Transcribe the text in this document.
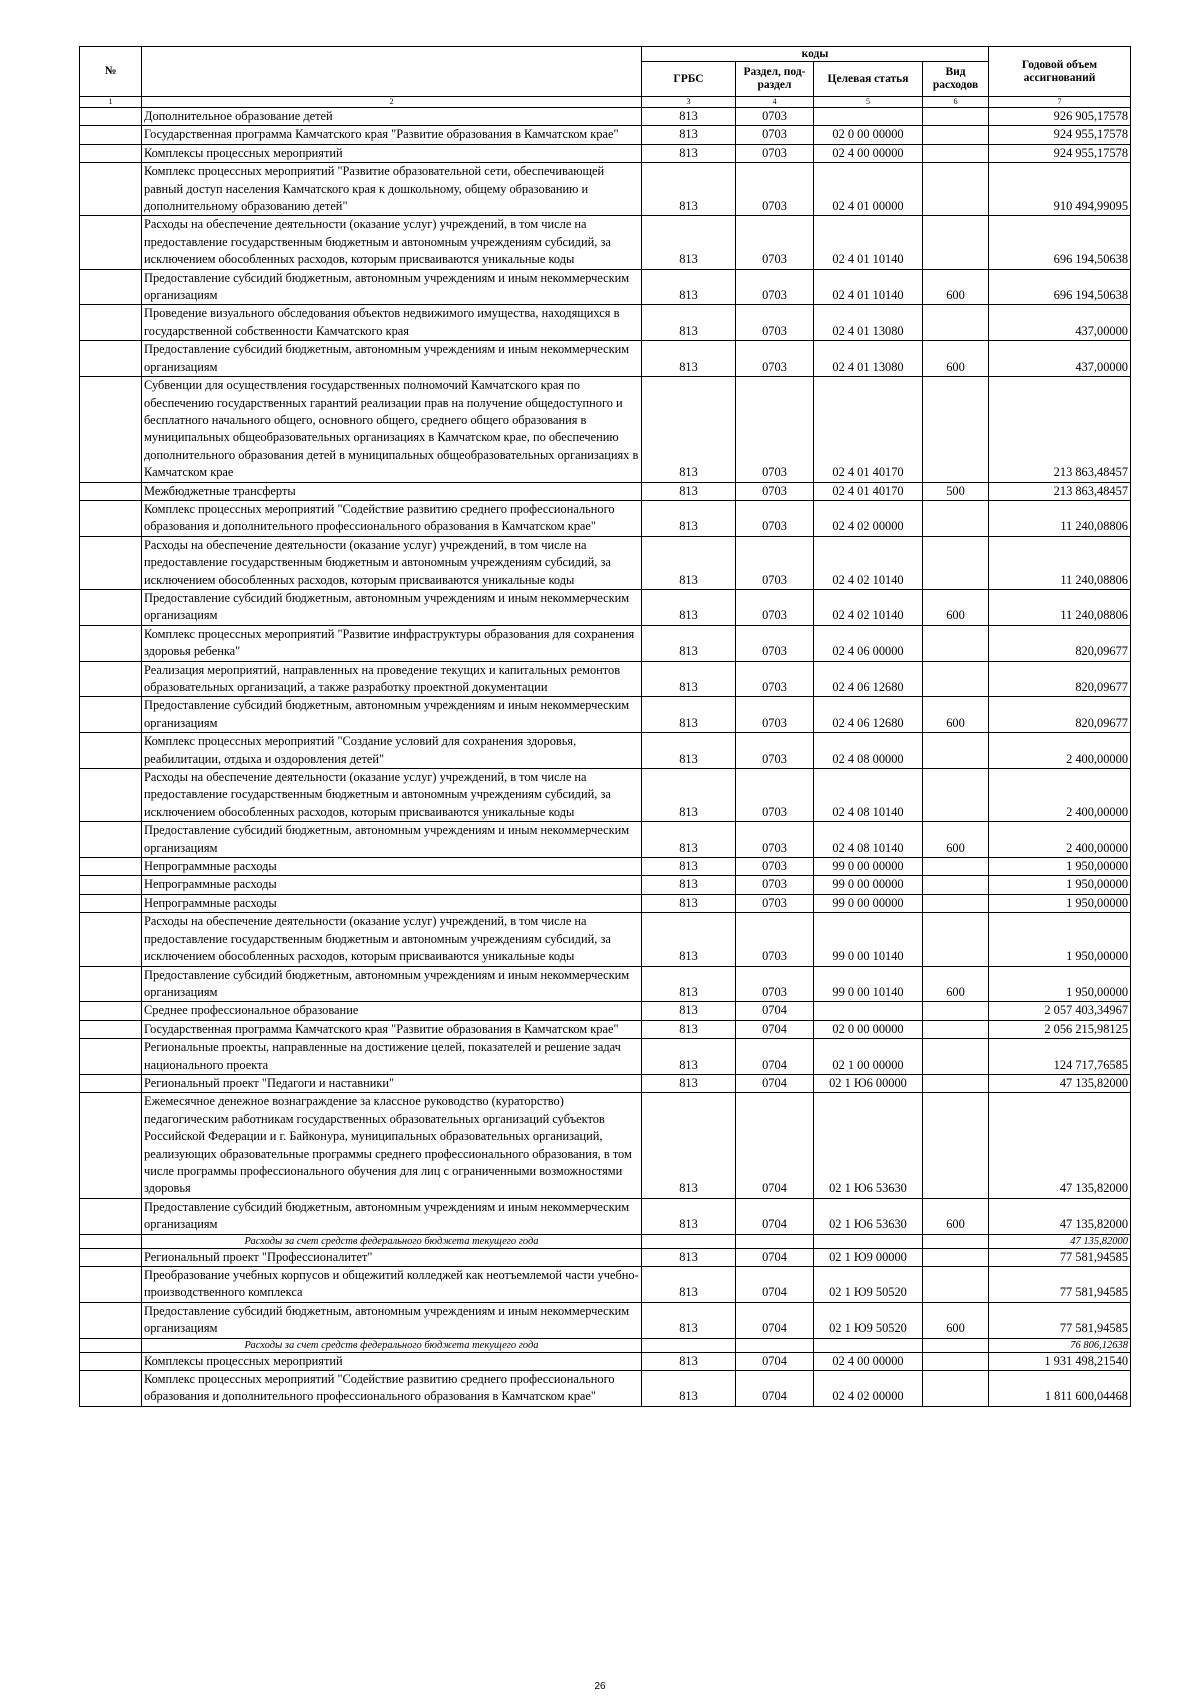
№		коды				Годовой объем ассигнований
		ГРБС	Раздел, под-раздел	Целевая статья	Вид расходов	
1	2	3	4	5	6	7
	Дополнительное образование детей	813	0703			926 905,17578
	Государственная программа Камчатского края "Развитие образования в Камчатском крае"	813	0703	02 0 00 00000		924 955,17578
	Комплексы процессных мероприятий	813	0703	02 4 00 00000		924 955,17578
	Комплекс процессных мероприятий "Развитие образовательной сети, обеспечивающей равный доступ населения Камчатского края к дошкольному, общему образованию и дополнительному образованию детей"	813	0703	02 4 01 00000		910 494,99095
	Расходы на обеспечение деятельности (оказание услуг) учреждений, в том числе на предоставление государственным бюджетным и автономным учреждениям субсидий, за исключением обособленных расходов, которым присваиваются уникальные коды	813	0703	02 4 01 10140		696 194,50638
	Предоставление субсидий бюджетным, автономным учреждениям и иным некоммерческим организациям	813	0703	02 4 01 10140	600	696 194,50638
	Проведение визуального обследования объектов недвижимого имущества, находящихся в государственной собственности Камчатского края	813	0703	02 4 01 13080		437,00000
	Предоставление субсидий бюджетным, автономным учреждениям и иным некоммерческим организациям	813	0703	02 4 01 13080	600	437,00000
	Субвенции для осуществления государственных полномочий Камчатского края по обеспечению государственных гарантий реализации прав на получение общедоступного и бесплатного начального общего, основного общего, среднего общего образования в муниципальных общеобразовательных организациях в Камчатском крае, по обеспечению дополнительного образования детей в муниципальных общеобразовательных организациях в Камчатском крае	813	0703	02 4 01 40170		213 863,48457
	Межбюджетные трансферты	813	0703	02 4 01 40170	500	213 863,48457
	Комплекс процессных мероприятий "Содействие развитию среднего профессионального образования и дополнительного профессионального образования в Камчатском крае"	813	0703	02 4 02 00000		11 240,08806
	Расходы на обеспечение деятельности (оказание услуг) учреждений, в том числе на предоставление государственным бюджетным и автономным учреждениям субсидий, за исключением обособленных расходов, которым присваиваются уникальные коды	813	0703	02 4 02 10140		11 240,08806
	Предоставление субсидий бюджетным, автономным учреждениям и иным некоммерческим организациям	813	0703	02 4 02 10140	600	11 240,08806
	Комплекс процессных мероприятий "Развитие инфраструктуры образования для сохранения здоровья ребенка"	813	0703	02 4 06 00000		820,09677
	Реализация мероприятий, направленных на проведение текущих и капитальных ремонтов образовательных организаций, а также разработку проектной документации	813	0703	02 4 06 12680		820,09677
	Предоставление субсидий бюджетным, автономным учреждениям и иным некоммерческим организациям	813	0703	02 4 06 12680	600	820,09677
	Комплекс процессных мероприятий "Создание условий для сохранения здоровья, реабилитации, отдыха и оздоровления детей"	813	0703	02 4 08 00000		2 400,00000
	Расходы на обеспечение деятельности (оказание услуг) учреждений, в том числе на предоставление государственным бюджетным и автономным учреждениям субсидий, за исключением обособленных расходов, которым присваиваются уникальные коды	813	0703	02 4 08 10140		2 400,00000
	Предоставление субсидий бюджетным, автономным учреждениям и иным некоммерческим организациям	813	0703	02 4 08 10140	600	2 400,00000
	Непрограммные расходы	813	0703	99 0 00 00000		1 950,00000
	Непрограммные расходы	813	0703	99 0 00 00000		1 950,00000
	Непрограммные расходы	813	0703	99 0 00 00000		1 950,00000
	Расходы на обеспечение деятельности (оказание услуг) учреждений, в том числе на предоставление государственным бюджетным и автономным учреждениям субсидий, за исключением обособленных расходов, которым присваиваются уникальные коды	813	0703	99 0 00 10140		1 950,00000
	Предоставление субсидий бюджетным, автономным учреждениям и иным некоммерческим организациям	813	0703	99 0 00 10140	600	1 950,00000
	Среднее профессиональное образование	813	0704			2 057 403,34967
	Государственная программа Камчатского края "Развитие образования в Камчатском крае"	813	0704	02 0 00 00000		2 056 215,98125
	Региональные проекты, направленные на достижение целей, показателей и решение задач национального проекта	813	0704	02 1 00 00000		124 717,76585
	Региональный проект "Педагоги и наставники"	813	0704	02 1 Ю6 00000		47 135,82000
	Ежемесячное денежное вознаграждение за классное руководство (кураторство) педагогическим работникам государственных образовательных организаций субъектов Российской Федерации и г. Байконура, муниципальных образовательных организаций, реализующих образовательные программы среднего профессионального образования, в том числе программы профессионального обучения для лиц с ограниченными возможностями здоровья	813	0704	02 1 Ю6 53630		47 135,82000
	Предоставление субсидий бюджетным, автономным учреждениям и иным некоммерческим организациям	813	0704	02 1 Ю6 53630	600	47 135,82000
	Расходы за счет средств федерального бюджета текущего года					47 135,82000
	Региональный проект "Профессионалитет"	813	0704	02 1 Ю9 00000		77 581,94585
	Преобразование учебных корпусов и общежитий колледжей как неотъемлемой части учебно-производственного комплекса	813	0704	02 1 Ю9 50520		77 581,94585
	Предоставление субсидий бюджетным, автономным учреждениям и иным некоммерческим организациям	813	0704	02 1 Ю9 50520	600	77 581,94585
	Расходы за счет средств федерального бюджета текущего года					76 806,12638
	Комплексы процессных мероприятий	813	0704	02 4 00 00000		1 931 498,21540
	Комплекс процессных мероприятий "Содействие развитию среднего профессионального образования и дополнительного профессионального образования в Камчатском крае"	813	0704	02 4 02 00000		1 811 600,04468
26
